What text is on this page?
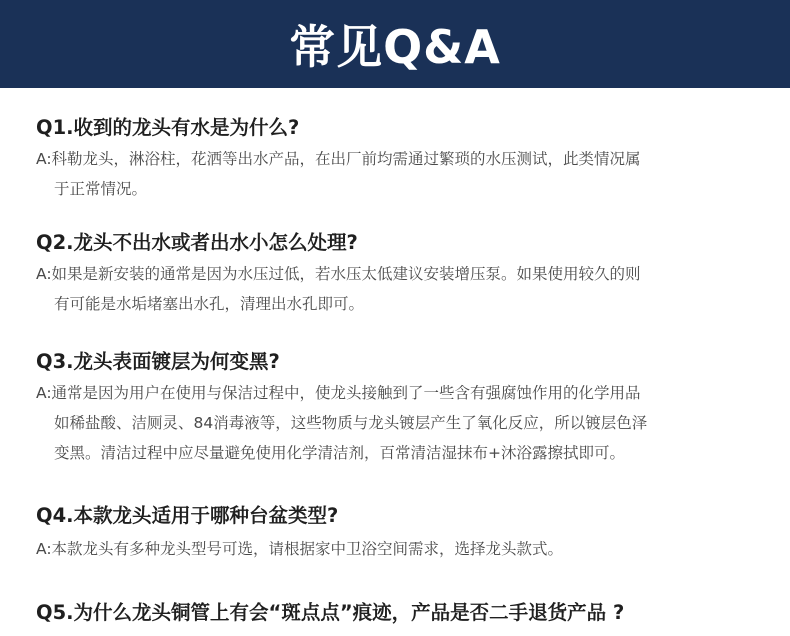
常见Q&A
Q1.收到的龙头有水是为什么?
A:科勒龙头，淋浴柱，花洒等出水产品，在出厂前均需通过繁琐的水压测试，此类情况属
于正常情况。
Q2.龙头不出水或者出水小怎么处理?
A:如果是新安装的通常是因为水压过低，若水压太低建议安装增压泵。如果使用较久的则
有可能是水垢堵塞出水孔，清理出水孔即可。
Q3.龙头表面镀层为何变黑?
A:通常是因为用户在使用与保洁过程中，使龙头接触到了一些含有强腐蚀作用的化学用品
如稀盐酸、洁厕灵、84消毒液等，这些物质与龙头镀层产生了氧化反应，所以镀层色泽
变黑。清洁过程中应尽量避免使用化学清洁剂，百常清洁湿抹布+沐浴露擦拭即可。
Q4.本款龙头适用于哪种台盆类型?
A:本款龙头有多种龙头型号可选，请根据家中卫浴空间需求，选择龙头款式。
Q5.为什么龙头铜管上有会“斑点点”痕迹，产品是否二手退货产品 ?
